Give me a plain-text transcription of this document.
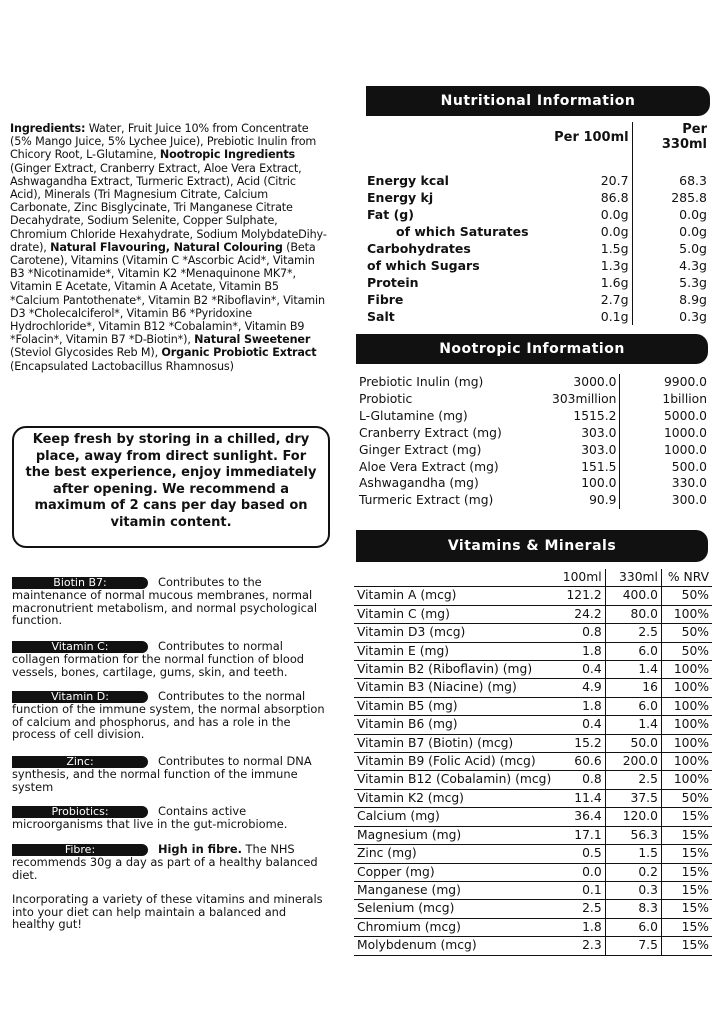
Ingredients: Water, Fruit Juice 10% from Concentrate (5% Mango Juice, 5% Lychee Juice), Prebiotic Inulin from Chicory Root, L-Glutamine, Nootropic Ingredients (Ginger Extract, Cranberry Extract, Aloe Vera Extract, Ashwagandha Extract, Turmeric Extract), Acid (Citric Acid), Minerals (Tri Magnesium Citrate, Calcium Carbonate, Zinc Bisglycinate, Tri Manganese Citrate Decahydrate, Sodium Selenite, Copper Sulphate, Chromium Chloride Hexahydrate, Sodium MolybdateDihy-drate), Natural Flavouring, Natural Colouring (Beta Carotene), Vitamins (Vitamin C *Ascorbic Acid*, Vitamin B3 *Nicotinamide*, Vitamin K2 *Menaquinone MK7*, Vitamin E Acetate, Vitamin A Acetate, Vitamin B5 *Calcium Pantothenate*, Vitamin B2 *Riboflavin*, Vitamin D3 *Cholecalciferol*, Vitamin B6 *Pyridoxine Hydrochloride*, Vitamin B12 *Cobalamin*, Vitamin B9 *Folacin*, Vitamin B7 *D-Biotin*), Natural Sweetener (Steviol Glycosides Reb M), Organic Probiotic Extract (Encapsulated Lactobacillus Rhamnosus)
Keep fresh by storing in a chilled, dry place, away from direct sunlight. For the best experience, enjoy immediately after opening. We recommend a maximum of 2 cans per day based on vitamin content.
Biotin B7:	Contributes to the maintenance of normal mucous membranes, normal macronutrient metabolism, and normal psychological function.
Vitamin C:	Contributes to normal collagen formation for the normal function of blood vessels, bones, cartilage, gums, skin, and teeth.
Vitamin D:	Contributes to the normal function of the immune system, the normal absorption of calcium and phosphorus, and has a role in the process of cell division.
Zinc:	Contributes to normal DNA synthesis, and the normal function of the immune system
Probiotics:	Contains active microorganisms that live in the gut-microbiome.
Fibre:	High in fibre. The NHS recommends 30g a day as part of a healthy balanced diet.
Incorporating a variety of these vitamins and minerals into your diet can help maintain a balanced and healthy gut!
Nutritional Information
	Per 100ml	Per 330ml

Energy kcal	20.7	68.3
Energy kj	86.8	285.8
Fat (g)	0.0g	0.0g
of which Saturates	0.0g	0.0g
Carbohydrates	1.5g	5.0g
of which Sugars	1.3g	4.3g
Protein	1.6g	5.3g
Fibre	2.7g	8.9g
Salt	0.1g	0.3g
Nootropic Information
Prebiotic Inulin (mg)	3000.0	9900.0
Probiotic	303million	1billion
L-Glutamine (mg)	1515.2	5000.0
Cranberry Extract (mg)	303.0	1000.0
Ginger Extract (mg)	303.0	1000.0
Aloe Vera Extract (mg)	151.5	500.0
Ashwagandha (mg)	100.0	330.0
Turmeric Extract (mg)	90.9	300.0
Vitamins & Minerals
	100ml	330ml	% NRV
Vitamin A (mcg)	121.2	400.0	50%
Vitamin C (mg)	24.2	80.0	100%
Vitamin D3 (mcg)	0.8	2.5	50%
Vitamin E (mg)	1.8	6.0	50%
Vitamin B2 (Riboflavin) (mg)	0.4	1.4	100%
Vitamin B3 (Niacine) (mg)	4.9	16	100%
Vitamin B5 (mg)	1.8	6.0	100%
Vitamin B6 (mg)	0.4	1.4	100%
Vitamin B7 (Biotin) (mcg)	15.2	50.0	100%
Vitamin B9 (Folic Acid) (mcg)	60.6	200.0	100%
Vitamin B12 (Cobalamin) (mcg)	0.8	2.5	100%
Vitamin K2 (mcg)	11.4	37.5	50%
Calcium (mg)	36.4	120.0	15%
Magnesium (mg)	17.1	56.3	15%
Zinc (mg)	0.5	1.5	15%
Copper (mg)	0.0	0.2	15%
Manganese (mg)	0.1	0.3	15%
Selenium (mcg)	2.5	8.3	15%
Chromium (mcg)	1.8	6.0	15%
Molybdenum (mcg)	2.3	7.5	15%
